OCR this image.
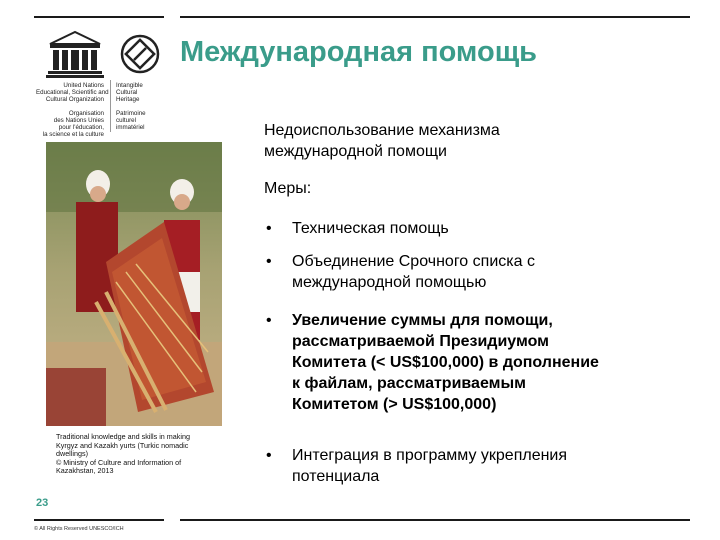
United Nations
Educational, Scientific and
Cultural Organization
Organisation
des Nations Unies
pour l'éducation,
la science et la culture
Intangible
Cultural
Heritage
Patrimoine
culturel
immatériel
Международная помощь
Traditional knowledge and skills in making
Kyrgyz and Kazakh yurts (Turkic nomadic
dwellings)
© Ministry of Culture and Information of
Kazakhstan, 2013
23
Недоиспользование механизма
международной помощи
Меры:
• Техническая помощь
• Объединение Срочного списка с
международной помощью
• Увеличение суммы для помощи,
рассматриваемой Президиумом
Комитета (< US$100,000) в дополнение
к файлам, рассматриваемым
Комитетом (> US$100,000)
• Интеграция в программу укрепления
потенциала
© All Rights Reserved UNESCO/ICH
